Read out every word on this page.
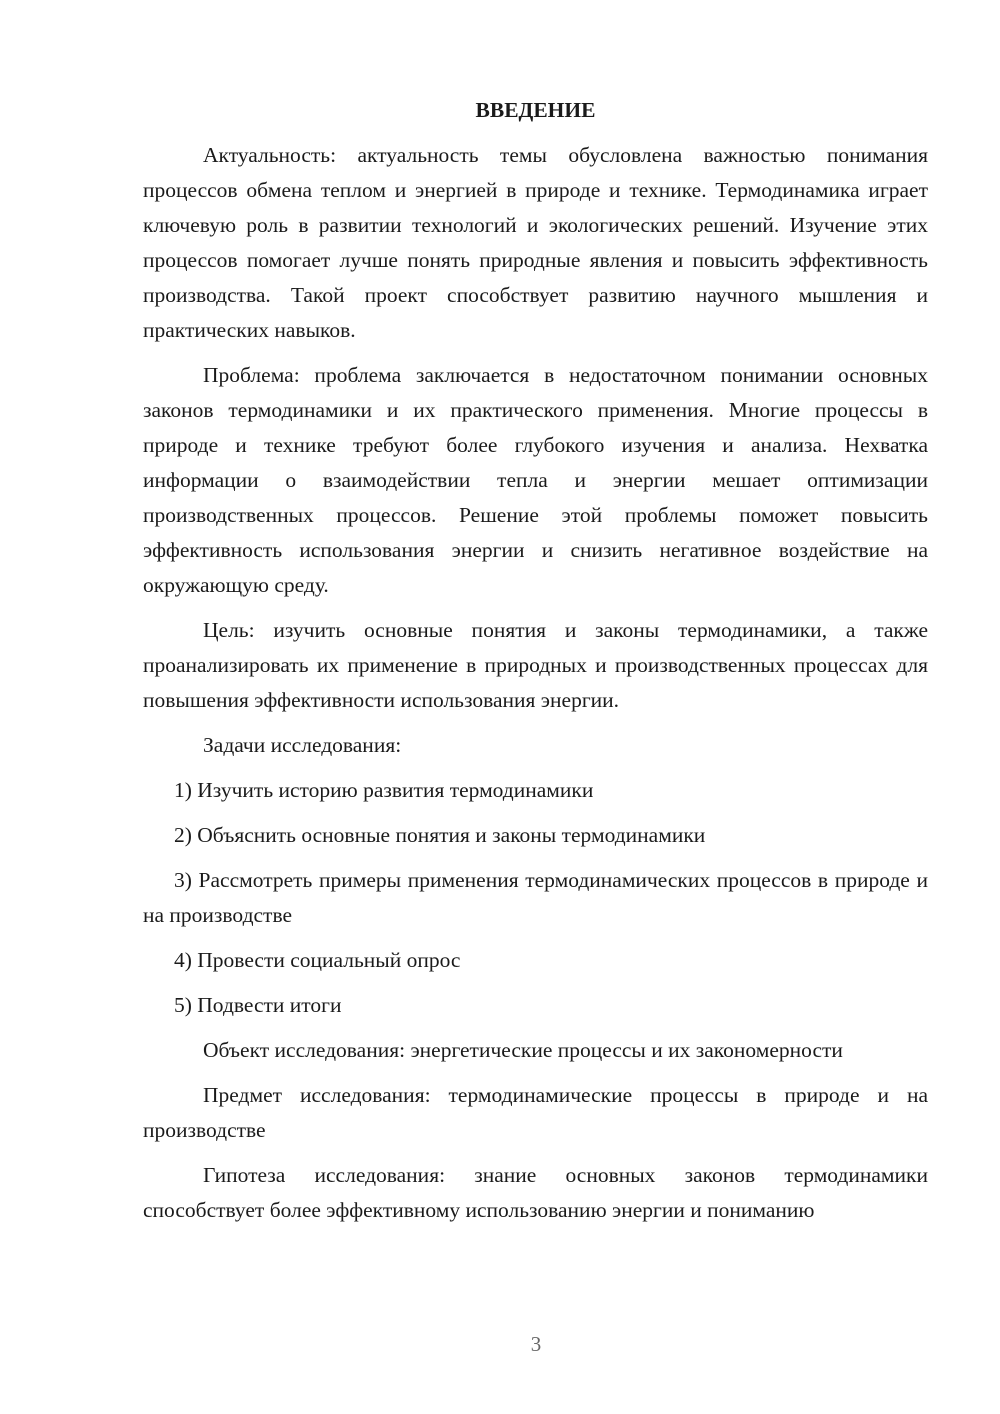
ВВЕДЕНИЕ

Актуальность: актуальность темы обусловлена важностью понимания процессов обмена теплом и энергией в природе и технике. Термодинамика играет ключевую роль в развитии технологий и экологических решений. Изучение этих процессов помогает лучше понять природные явления и повысить эффективность производства. Такой проект способствует развитию научного мышления и практических навыков.

Проблема: проблема заключается в недостаточном понимании основных законов термодинамики и их практического применения. Многие процессы в природе и технике требуют более глубокого изучения и анализа. Нехватка информации о взаимодействии тепла и энергии мешает оптимизации производственных процессов. Решение этой проблемы поможет повысить эффективность использования энергии и снизить негативное воздействие на окружающую среду.

Цель: изучить основные понятия и законы термодинамики, а также проанализировать их применение в природных и производственных процессах для повышения эффективности использования энергии.

Задачи исследования:

1) Изучить историю развития термодинамики
2) Объяснить основные понятия и законы термодинамики
3) Рассмотреть примеры применения термодинамических процессов в природе и на производстве
4) Провести социальный опрос
5) Подвести итоги

Объект исследования: энергетические процессы и их закономерности

Предмет исследования: термодинамические процессы в природе и на производстве

Гипотеза исследования: знание основных законов термодинамики способствует более эффективному использованию энергии и пониманию

3
